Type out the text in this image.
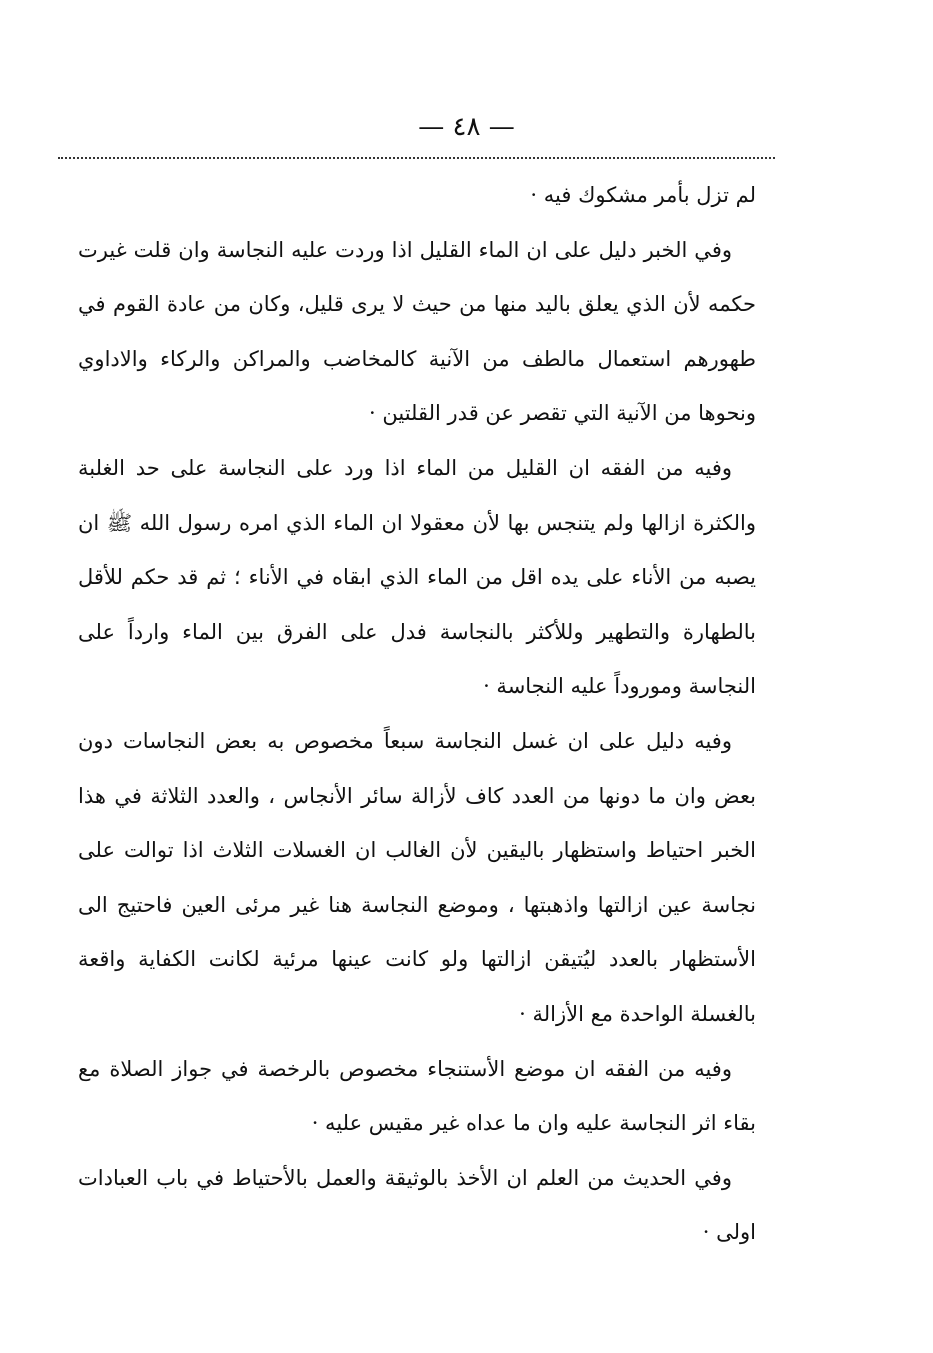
— ٤٨ —

لم تزل بأمر مشكوك فيه ·

وفي الخبر دليل على ان الماء القليل اذا وردت عليه النجاسة وان قلت غيرت حكمه لأن الذي يعلق باليد منها من حيث لا يرى قليل، وكان من عادة القوم في طهورهم استعمال مالطف من الآنية كالمخاضب والمراكن والركاء والاداوي ونحوها من الآنية التي تقصر عن قدر القلتين ·

وفيه من الفقه ان القليل من الماء اذا ورد على النجاسة على حد الغلبة والكثرة ازالها ولم يتنجس بها لأن معقولا ان الماء الذي امره رسول الله ﷺ ان يصبه من الأناء على يده اقل من الماء الذي ابقاه في الأناء ؛ ثم قد حكم للأقل بالطهارة والتطهير وللأكثر بالنجاسة فدل على الفرق بين الماء وارداً على النجاسة وموروداً عليه النجاسة ·

وفيه دليل على ان غسل النجاسة سبعاً مخصوص به بعض النجاسات دون بعض وان ما دونها من العدد كاف لأزالة سائر الأنجاس ، والعدد الثلاثة في هذا الخبر احتياط واستظهار باليقين لأن الغالب ان الغسلات الثلاث اذا توالت على نجاسة عين ازالتها واذهبتها ، وموضع النجاسة هنا غير مرئى العين فاحتيج الى الأستظهار بالعدد ليُتيقن ازالتها ولو كانت عينها مرئية لكانت الكفاية واقعة بالغسلة الواحدة مع الأزالة ·

وفيه من الفقه ان موضع الأستنجاء مخصوص بالرخصة في جواز الصلاة مع بقاء اثر النجاسة عليه وان ما عداه غير مقيس عليه ·

وفي الحديث من العلم ان الأخذ بالوثيقة والعمل بالأحتياط في باب العبادات اولى ·
